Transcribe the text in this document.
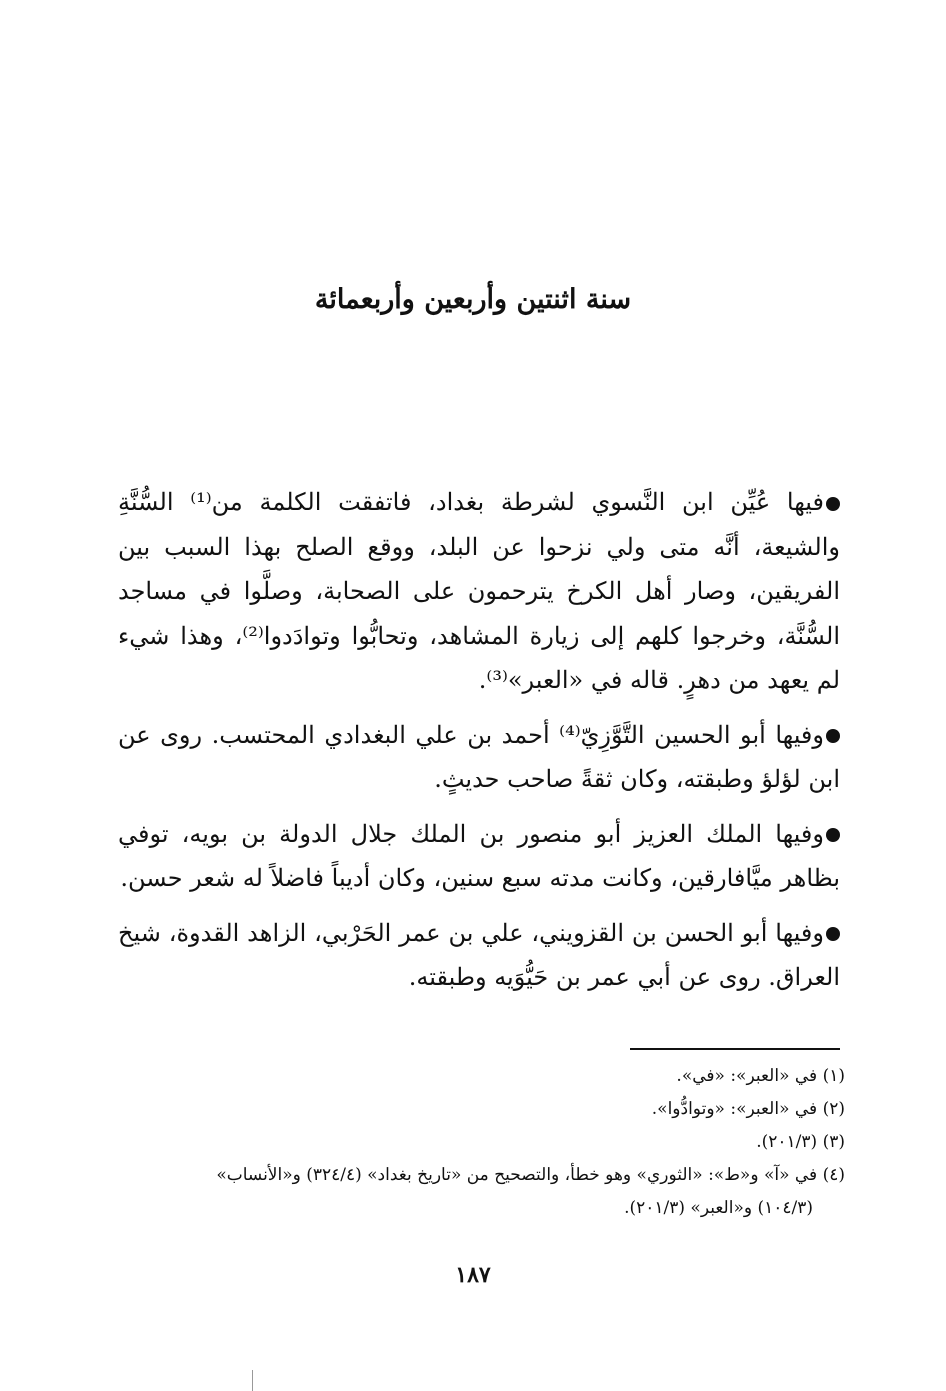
سنة اثنتين وأربعين وأربعمائة

فيها عُيِّن ابن النَّسوي لشرطة بغداد، فاتفقت الكلمة من⁽¹⁾ السُّنَّةِ والشيعة، أنَّه متى ولي نزحوا عن البلد، ووقع الصلح بهذا السبب بين الفريقين، وصار أهل الكرخ يترحمون على الصحابة، وصلَّوا في مساجد السُّنَّة، وخرجوا كلهم إلى زيارة المشاهد، وتحابُّوا وتوادَدوا⁽²⁾، وهذا شيء لم يعهد من دهرٍ. قاله في «العبر»⁽³⁾.

وفيها أبو الحسين التَّوَّزِيّ⁽⁴⁾ أحمد بن علي البغدادي المحتسب. روى عن ابن لؤلؤ وطبقته، وكان ثقةً صاحب حديثٍ.

وفيها الملك العزيز أبو منصور بن الملك جلال الدولة بن بويه، توفي بظاهر ميَّافارقين، وكانت مدته سبع سنين، وكان أديباً فاضلاً له شعر حسن.

وفيها أبو الحسن بن القزويني، علي بن عمر الحَرْبي، الزاهد القدوة، شيخ العراق. روى عن أبي عمر بن حَيُّوَيه وطبقته.

(١) في «العبر»: «في».
(٢) في «العبر»: «وتوادُّوا».
(٣) (٢٠١/٣).
(٤) في «آ» و«ط»: «الثوري» وهو خطأ، والتصحيح من «تاريخ بغداد» (٣٢٤/٤) و«الأنساب»
(١٠٤/٣) و«العبر» (٢٠١/٣).
١٨٧
